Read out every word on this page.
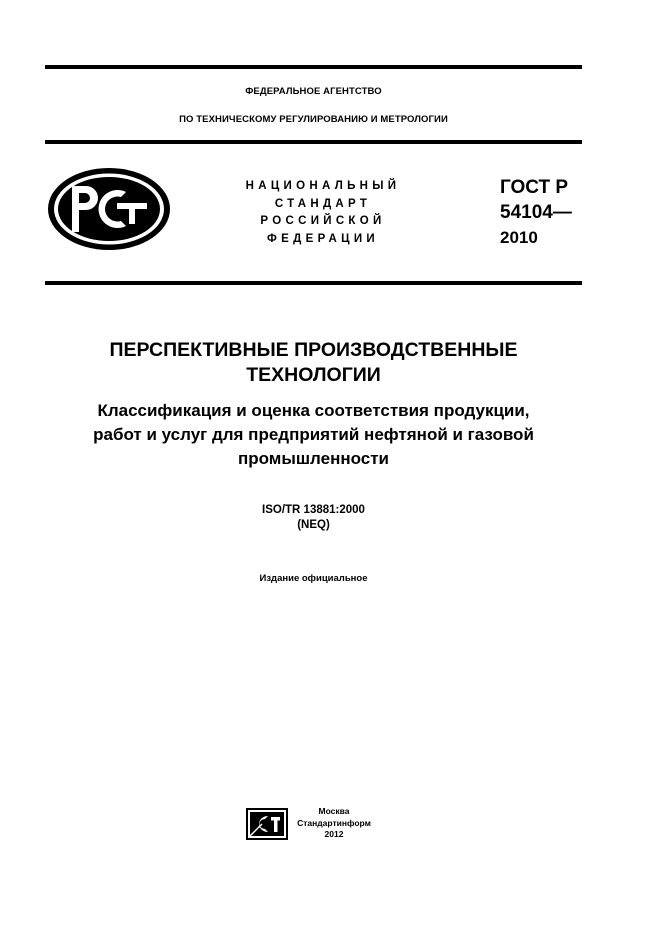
ФЕДЕРАЛЬНОЕ АГЕНТСТВО
ПО ТЕХНИЧЕСКОМУ РЕГУЛИРОВАНИЮ И МЕТРОЛОГИИ
НАЦИОНАЛЬНЫЙ
СТАНДАРТ
РОССИЙСКОЙ
ФЕДЕРАЦИИ
ГОСТ Р
54104—
2010
ПЕРСПЕКТИВНЫЕ ПРОИЗВОДСТВЕННЫЕ
ТЕХНОЛОГИИ
Классификация и оценка соответствия продукции,
работ и услуг для предприятий нефтяной и газовой
промышленности
ISO/TR 13881:2000
(NEQ)
Издание официальное
Москва
Стандартинформ
2012
